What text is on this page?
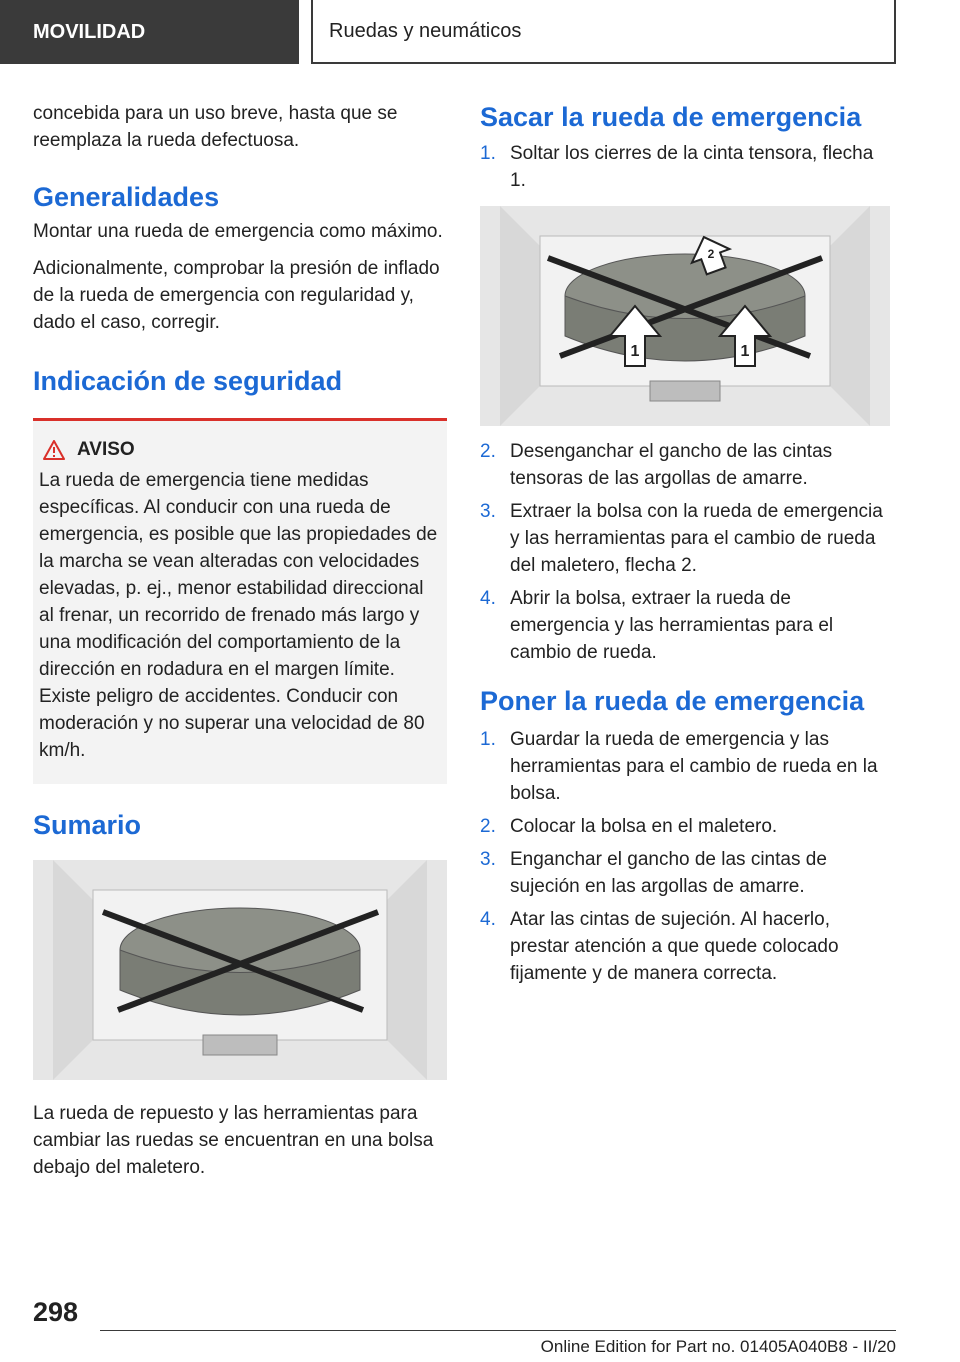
MOVILIDAD	Ruedas y neumáticos

concebida para un uso breve, hasta que se reemplaza la rueda defectuosa.

Generalidades

Montar una rueda de emergencia como máximo.

Adicionalmente, comprobar la presión de inflado de la rueda de emergencia con regularidad y, dado el caso, corregir.

Indicación de seguridad
AVISO

La rueda de emergencia tiene medidas específicas. Al conducir con una rueda de emergencia, es posible que las propiedades de la marcha se vean alteradas con velocidades elevadas, p. ej., menor estabilidad direccional al frenar, un recorrido de frenado más largo y una modificación del comportamiento de la dirección en rodadura en el margen límite. Existe peligro de accidentes. Conducir con moderación y no superar una velocidad de 80 km/h.

Sumario

La rueda de repuesto y las herramientas para cambiar las ruedas se encuentran en una bolsa debajo del maletero.

Sacar la rueda de emergencia
1. Soltar los cierres de la cinta tensora, flecha 1.
1	1
2
2. Desenganchar el gancho de las cintas tensoras de las argollas de amarre.
3. Extraer la bolsa con la rueda de emergencia y las herramientas para el cambio de rueda del maletero, flecha 2.
4. Abrir la bolsa, extraer la rueda de emergencia y las herramientas para el cambio de rueda.
Poner la rueda de emergencia
1. Guardar la rueda de emergencia y las herramientas para el cambio de rueda en la bolsa.
2. Colocar la bolsa en el maletero.
3. Enganchar el gancho de las cintas de sujeción en las argollas de amarre.
4. Atar las cintas de sujeción. Al hacerlo, prestar atención a que quede colocado fijamente y de manera correcta.
298
Online Edition for Part no. 01405A040B8 - II/20
